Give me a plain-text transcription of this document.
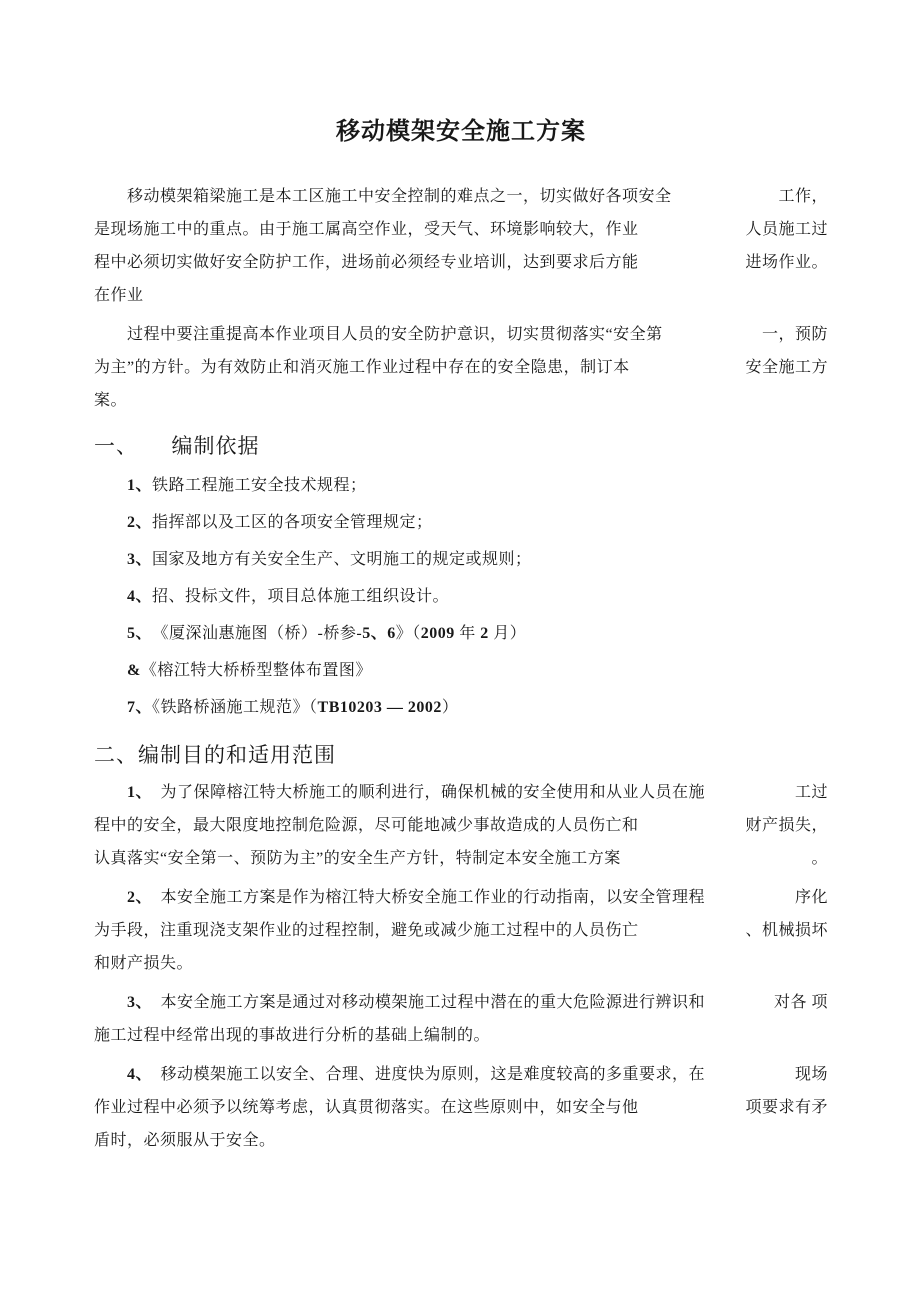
移动模架安全施工方案
　　移动模架箱梁施工是本工区施工中安全控制的难点之一，切实做好各项安全	工作，
是现场施工中的重点。由于施工属高空作业，受天气、环境影响较大，作业	人员施工过
程中必须切实做好安全防护工作，进场前必须经专业培训，达到要求后方能	进场作业。
在作业
　　过程中要注重提高本作业项目人员的安全防护意识，切实贯彻落实“安全第	一，预防
为主”的方针。为有效防止和消灭施工作业过程中存在的安全隐患，制订本	安全施工方
案。
一、　　编制依据
　　1、铁路工程施工安全技术规程；
　　2、指挥部以及工区的各项安全管理规定；
　　3、国家及地方有关安全生产、文明施工的规定或规则；
　　4、招、投标文件，项目总体施工组织设计。
　　5、　《厦深汕惠施图（桥）-桥参-5、6》（2009 年 2 月）
　　&《榕江特大桥桥型整体布置图》
　　7、《铁路桥涵施工规范》（TB10203 — 2002）
二、编制目的和适用范围
　　1、　为了保障榕江特大桥施工的顺利进行，确保机械的安全使用和从业人员在施	工过
程中的安全，最大限度地控制危险源，尽可能地减少事故造成的人员伤亡和	财产损失，
认真落实“安全第一、预防为主”的安全生产方针，特制定本安全施工方案	。
　　2、　本安全施工方案是作为榕江特大桥安全施工作业的行动指南，以安全管理程	序化
为手段，注重现浇支架作业的过程控制，避免或减少施工过程中的人员伤亡	、机械损坏
和财产损失。
　　3、　本安全施工方案是通过对移动模架施工过程中潜在的重大危险源进行辨识和	对各 项
施工过程中经常出现的事故进行分析的基础上编制的。
　　4、　移动模架施工以安全、合理、进度快为原则，这是难度较高的多重要求，在	现场
作业过程中必须予以统筹考虑，认真贯彻落实。在这些原则中，如安全与他	项要求有矛
盾时，必须服从于安全。
